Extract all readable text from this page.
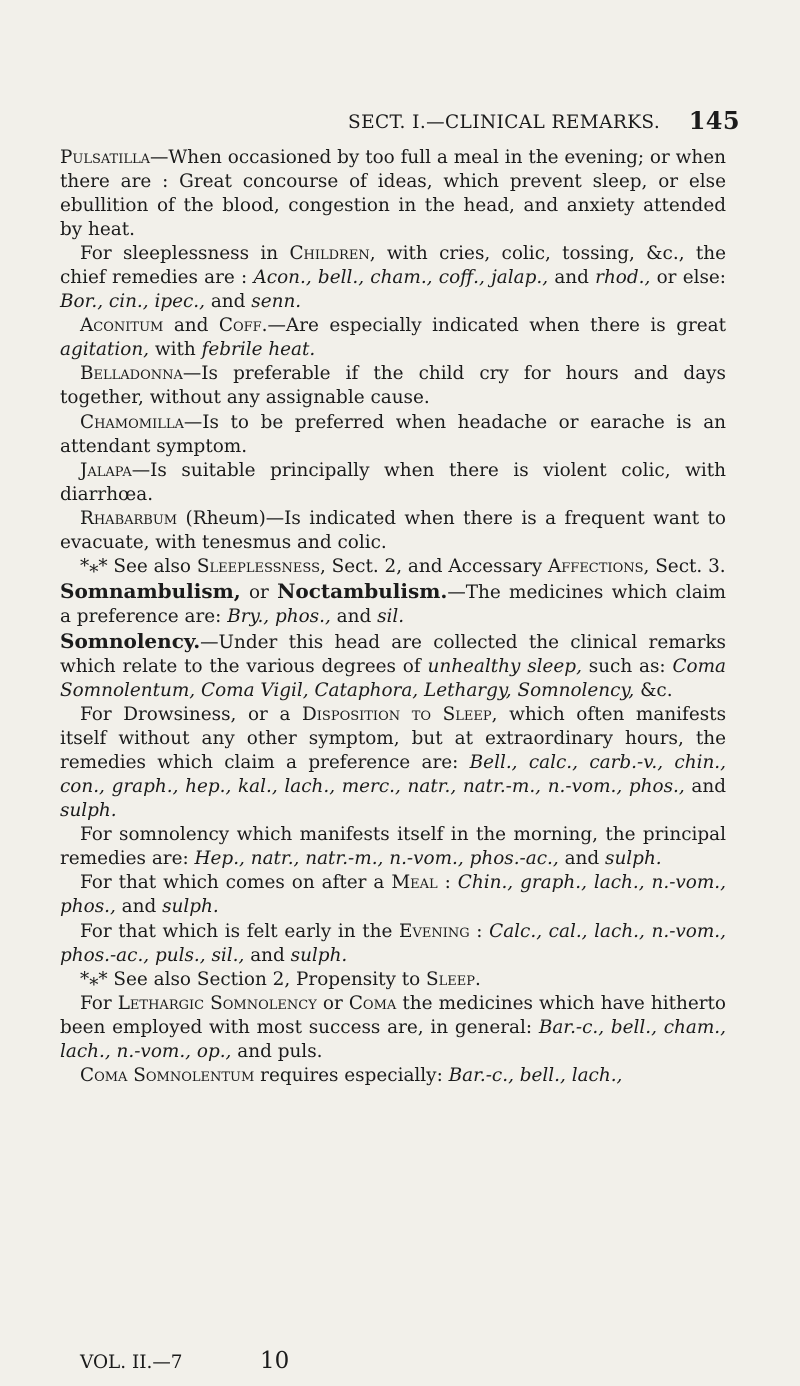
SECT. I.—CLINICAL REMARKS. 145

Pulsatilla—When occasioned by too full a meal in the evening; or when there are : Great concourse of ideas, which prevent sleep, or else ebullition of the blood, congestion in the head, and anxiety attended by heat.

For sleeplessness in Children, with cries, colic, tossing, &c., the chief remedies are : Acon., bell., cham., coff., jalap., and rhod., or else: Bor., cin., ipec., and senn.

Aconitum and Coff.—Are especially indicated when there is great agitation, with febrile heat.

Belladonna—Is preferable if the child cry for hours and days together, without any assignable cause.

Chamomilla—Is to be preferred when headache or earache is an attendant symptom.

Jalapa—Is suitable principally when there is violent colic, with diarrhœa.

Rhabarbum (Rheum)—Is indicated when there is a frequent want to evacuate, with tenesmus and colic.

*⁎* See also Sleeplessness, Sect. 2, and Accessary Affections, Sect. 3.

Somnambulism, or Noctambulism.—The medicines which claim a preference are: Bry., phos., and sil.

Somnolency.—Under this head are collected the clinical remarks which relate to the various degrees of unhealthy sleep, such as: Coma Somnolentum, Coma Vigil, Cataphora, Lethargy, Somnolency, &c.

For Drowsiness, or a Disposition to Sleep, which often manifests itself without any other symptom, but at extraordinary hours, the remedies which claim a preference are: Bell., calc., carb.-v., chin., con., graph., hep., kal., lach., merc., natr., natr.-m., n.-vom., phos., and sulph.

For somnolency which manifests itself in the morning, the principal remedies are: Hep., natr., natr.-m., n.-vom., phos.-ac., and sulph.

For that which comes on after a Meal : Chin., graph., lach., n.-vom., phos., and sulph.

For that which is felt early in the Evening : Calc., cal., lach., n.-vom., phos.-ac., puls., sil., and sulph.

*⁎* See also Section 2, Propensity to Sleep.

For Lethargic Somnolency or Coma the medicines which have hitherto been employed with most success are, in general: Bar.-c., bell., cham., lach., n.-vom., op., and puls.

Coma Somnolentum requires especially: Bar.-c., bell., lach.,

VOL. II.—7	10
